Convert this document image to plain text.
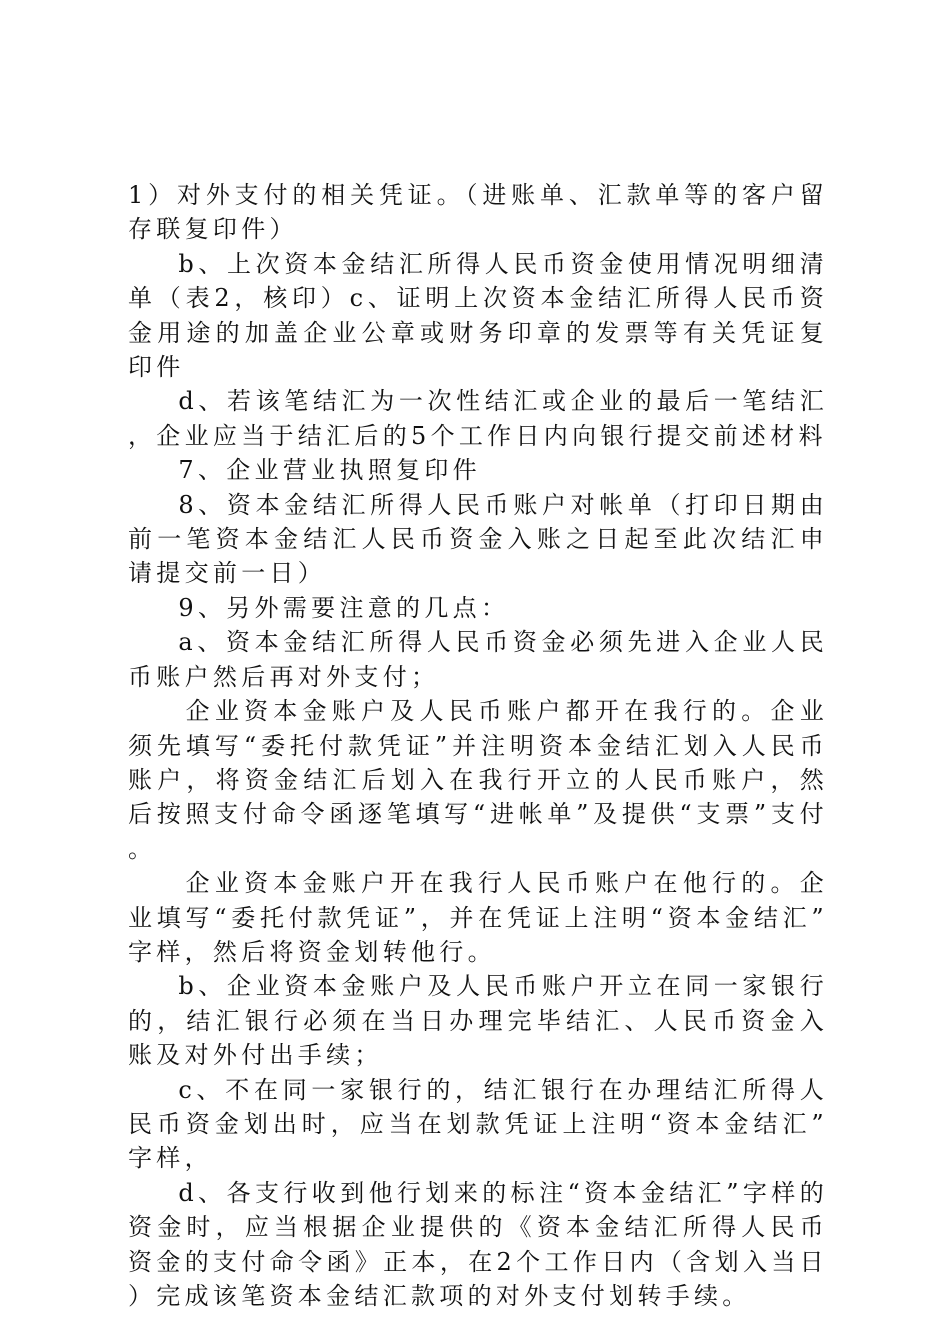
1）对外支付的相关凭证。（进账单、汇款单等的客户留存联复印件）

b、上次资本金结汇所得人民币资金使用情况明细清单（表2，核印）c、证明上次资本金结汇所得人民币资金用途的加盖企业公章或财务印章的发票等有关凭证复印件

d、若该笔结汇为一次性结汇或企业的最后一笔结汇，企业应当于结汇后的5个工作日内向银行提交前述材料

7、企业营业执照复印件

8、资本金结汇所得人民币账户对帐单（打印日期由前一笔资本金结汇人民币资金入账之日起至此次结汇申请提交前一日）

9、另外需要注意的几点：

a、资本金结汇所得人民币资金必须先进入企业人民币账户然后再对外支付；

企业资本金账户及人民币账户都开在我行的。企业须先填写“委托付款凭证”并注明资本金结汇划入人民币账户，将资金结汇后划入在我行开立的人民币账户，然后按照支付命令函逐笔填写“进帐单”及提供“支票”支付。

企业资本金账户开在我行人民币账户在他行的。企业填写“委托付款凭证”，并在凭证上注明“资本金结汇”字样，然后将资金划转他行。

b、企业资本金账户及人民币账户开立在同一家银行的，结汇银行必须在当日办理完毕结汇、人民币资金入账及对外付出手续；

c、不在同一家银行的，结汇银行在办理结汇所得人民币资金划出时，应当在划款凭证上注明“资本金结汇”字样，

d、各支行收到他行划来的标注“资本金结汇”字样的资金时，应当根据企业提供的《资本金结汇所得人民币资金的支付命令函》正本，在2个工作日内（含划入当日）完成该笔资本金结汇款项的对外支付划转手续。
